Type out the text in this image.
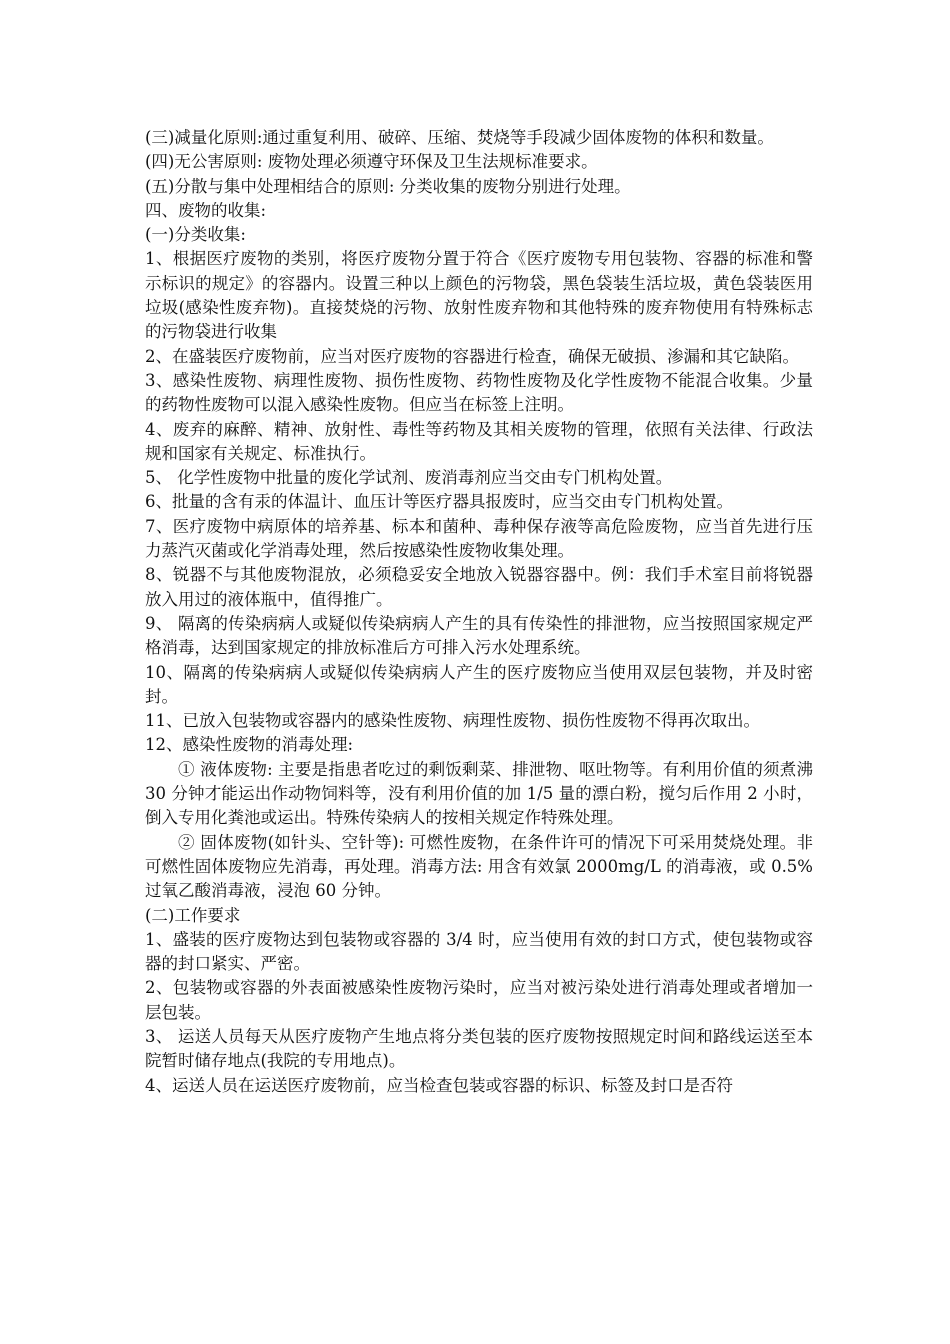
(三)减量化原则:通过重复利用、破碎、压缩、焚烧等手段减少固体废物的体积和数量。

(四)无公害原则: 废物处理必须遵守环保及卫生法规标准要求。

(五)分散与集中处理相结合的原则: 分类收集的废物分别进行处理。

四、废物的收集:

(一)分类收集:

1、根据医疗废物的类别，将医疗废物分置于符合《医疗废物专用包装物、容器的标准和警示标识的规定》的容器内。设置三种以上颜色的污物袋，黑色袋装生活垃圾，黄色袋装医用垃圾(感染性废弃物)。直接焚烧的污物、放射性废弃物和其他特殊的废弃物使用有特殊标志的污物袋进行收集

2、在盛装医疗废物前，应当对医疗废物的容器进行检查，确保无破损、渗漏和其它缺陷。

3、感染性废物、病理性废物、损伤性废物、药物性废物及化学性废物不能混合收集。少量的药物性废物可以混入感染性废物。但应当在标签上注明。

4、废弃的麻醉、精神、放射性、毒性等药物及其相关废物的管理，依照有关法律、行政法规和国家有关规定、标准执行。

5、 化学性废物中批量的废化学试剂、废消毒剂应当交由专门机构处置。

6、批量的含有汞的体温计、血压计等医疗器具报废时，应当交由专门机构处置。

7、医疗废物中病原体的培养基、标本和菌种、毒种保存液等高危险废物，应当首先进行压力蒸汽灭菌或化学消毒处理，然后按感染性废物收集处理。

8、锐器不与其他废物混放，必须稳妥安全地放入锐器容器中。例：我们手术室目前将锐器放入用过的液体瓶中，值得推广。

9、 隔离的传染病病人或疑似传染病病人产生的具有传染性的排泄物，应当按照国家规定严格消毒，达到国家规定的排放标准后方可排入污水处理系统。

10、隔离的传染病病人或疑似传染病病人产生的医疗废物应当使用双层包装物，并及时密封。

11、已放入包装物或容器内的感染性废物、病理性废物、损伤性废物不得再次取出。

12、感染性废物的消毒处理:

① 液体废物: 主要是指患者吃过的剩饭剩菜、排泄物、呕吐物等。有利用价值的须煮沸 30 分钟才能运出作动物饲料等，没有利用价值的加 1/5 量的漂白粉，搅匀后作用 2 小时，倒入专用化粪池或运出。特殊传染病人的按相关规定作特殊处理。

② 固体废物(如针头、空针等): 可燃性废物，在条件许可的情况下可采用焚烧处理。非可燃性固体废物应先消毒，再处理。消毒方法: 用含有效氯 2000mg/L 的消毒液，或 0.5%过氧乙酸消毒液，浸泡 60 分钟。

(二)工作要求

1、盛装的医疗废物达到包装物或容器的 3/4 时，应当使用有效的封口方式，使包装物或容器的封口紧实、严密。

2、包装物或容器的外表面被感染性废物污染时，应当对被污染处进行消毒处理或者增加一层包装。

3、 运送人员每天从医疗废物产生地点将分类包装的医疗废物按照规定时间和路线运送至本院暂时储存地点(我院的专用地点)。

4、运送人员在运送医疗废物前，应当检查包装或容器的标识、标签及封口是否符
